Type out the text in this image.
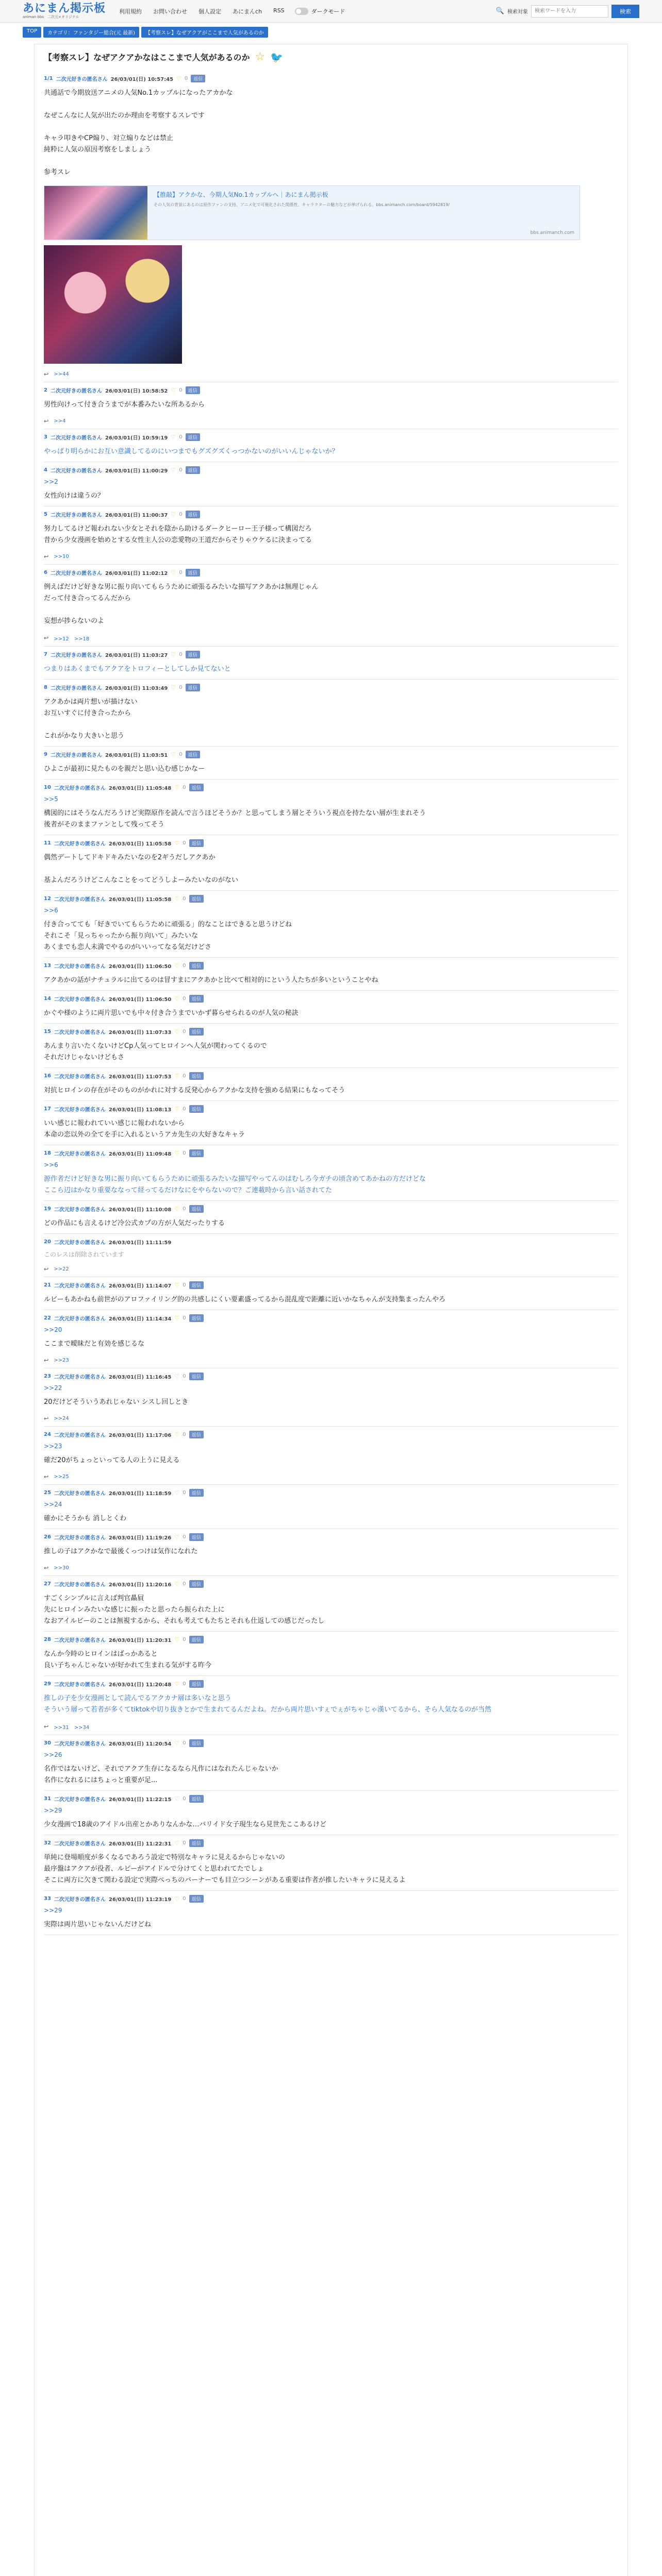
あにまん掲示板
animan bbs　二次元×オリジナル
利用規約 お問い合わせ 個人設定 あにまんch RSS	ダークモード	🔍 検索対象
検索ワードを入力	検索
TOP	カテゴリ：ファンタジー総合(元 最新)	【考察スレ】なぜアクアがここまで人気があるのか
【考察スレ】なぜアクアかなはここまで人気があるのか ☆ 🐦
1/1 二次元好きの匿名さん 26/03/01(日) 10:57:45 ♡ 0	返信
共通話で今期放送アニメの人気No.1カップルになったアカかな

なぜこんなに人気が出たのか理由を考察するスレです

キャラ叩きやCP煽り、対立煽りなどは禁止
純粋に人気の原因考察をしましょう

参考スレ
【推敲】アクかな、今期人気No.1カップルへ｜あにまん掲示板
その人気の背景にあるのは原作ファンの支持、アニメ化で可視化された関係性、キャラクターの魅力などが挙げられる。bbs.animanch.com/board/5942819/
bbs.animanch.com
↩ >>44
2 二次元好きの匿名さん 26/03/01(日) 10:58:52 ♡ 0	返信
男性向けって付き合うまでが本番みたいな所あるから
↩ >>4
3 二次元好きの匿名さん 26/03/01(日) 10:59:19 ♡ 0	返信
やっぱり明らかにお互い意識してるのにいつまでもグズグズくっつかないのがいいんじゃないか？
4 二次元好きの匿名さん 26/03/01(日) 11:00:29 ♡ 0	返信
>>2
女性向けは違うの？
5 二次元好きの匿名さん 26/03/01(日) 11:00:37 ♡ 0	返信
努力してるけど報われない少女とそれを陰から助けるダークヒーロー王子様って構図だろ
昔から少女漫画を始めとする女性主人公の恋愛物の王道だからそりゃウケるに決まってる
↩ >>10
6 二次元好きの匿名さん 26/03/01(日) 11:02:12 ♡ 0	返信
例えばだけど好きな男に振り向いてもらうために頑張るみたいな描写アクあかは無理じゃん
だって付き合ってるんだから

妄想が捗らないのよ
↩ >>12　>>18
7 二次元好きの匿名さん 26/03/01(日) 11:03:27 ♡ 0	返信
つまりはあくまでもアクアをトロフィーとしてしか見てないと
8 二次元好きの匿名さん 26/03/01(日) 11:03:49 ♡ 0	返信
アクあかは両片想いが描けない
お互いすぐに付き合ったから

これがかなり大きいと思う
9 二次元好きの匿名さん 26/03/01(日) 11:03:51 ♡ 0	返信
ひよこが最初に見たものを親だと思い込む感じかなー
10 二次元好きの匿名さん 26/03/01(日) 11:05:48 ♡ 0	返信
>>5
構図的にはそうなんだろうけど実際原作を読んで言うほどそうか？と思ってしまう層とそういう視点を持たない層が生まれそう
後者がそのままファンとして残ってそう
11 二次元好きの匿名さん 26/03/01(日) 11:05:58 ♡ 0	返信
偶然デートしてドキドキみたいなのを2ギうだしアクあか

基よんだろうけどこんなことをってどうしよーみたいなのがない
12 二次元好きの匿名さん 26/03/01(日) 11:05:58 ♡ 0	返信
>>6
付き合ってても「好きでいてもらうために頑張る」的なことはできると思うけどね
それこそ「見っちゃったから振り向いて」みたいな
あくまでも恋人未満でやるのがいいってなる気だけどさ
13 二次元好きの匿名さん 26/03/01(日) 11:06:50 ♡ 0	返信
アクあかの話がナチュラルに出てるのは冒すまにアクあかと比べて相対的にという人たちが多いということやね
14 二次元好きの匿名さん 26/03/01(日) 11:06:50 ♡ 0	返信
かぐや様のように両片思いでも中々付き合うまでいかず暮らせられるのが人気の秘訣
15 二次元好きの匿名さん 26/03/01(日) 11:07:33 ♡ 0	返信
あんまり言いたくないけどCp人気ってヒロインへ人気が関わってくるので
それだけじゃないけどもさ
16 二次元好きの匿名さん 26/03/01(日) 11:07:53 ♡ 0	返信
対抗ヒロインの存在がそのものがかれに対する反発心からアクかな支持を強める結果にもなってそう
17 二次元好きの匿名さん 26/03/01(日) 11:08:13 ♡ 0	返信
いい感じに報われていい感じに報われないから
本命の恋以外の全てを手に入れるというアカ先生の大好きなキャラ
18 二次元好きの匿名さん 26/03/01(日) 11:09:48 ♡ 0	返信
>>6
源作者だけど好きな男に振り向いてもらうために頑張るみたいな描写やってんのはむしろ今ガチの頃含めてあかねの方だけどな
ここら辺はかなり重要ななって経ってるだけなにをやらないので？ご連載時から言い話されてた
19 二次元好きの匿名さん 26/03/01(日) 11:10:08 ♡ 0	返信
どの作品にも言えるけど冷公式カプの方が人気だったりする
20 二次元好きの匿名さん 26/03/01(日) 11:11:59
このレスは削除されています
↩ >>22
21 二次元好きの匿名さん 26/03/01(日) 11:14:07 ♡ 0	返信
ルビーもあかねも前世がのアロファイリング的の共感しにくい要素盛ってるから混乱度で距離に近いかなちゃんが支持集まったんやろ
22 二次元好きの匿名さん 26/03/01(日) 11:14:34 ♡ 0	返信
>>20
ここまで曖昧だと有効を感じるな
↩ >>23
23 二次元好きの匿名さん 26/03/01(日) 11:16:45 ♡ 0	返信
>>22
20だけどそういうあれじゃない シスし回しとき
↩ >>24
24 二次元好きの匿名さん 26/03/01(日) 11:17:06 ♡ 0	返信
>>23
確だ20がちょっといってる人の上うに見える
↩ >>25
25 二次元好きの匿名さん 26/03/01(日) 11:18:59 ♡ 0	返信
>>24
確かにそうかも 消しとくわ
26 二次元好きの匿名さん 26/03/01(日) 11:19:26 ♡ 0	返信
推しの子はアクかなで最後くっつけは気作になれた
↩ >>30
27 二次元好きの匿名さん 26/03/01(日) 11:20:16 ♡ 0	返信
すごくシンプルに言えば判官贔屓
先にヒロインみたいな感じに振ったと思ったら振られた上に
なおアイルビーのことは無視するから、それも考えてもたちとそれも仕返しての感じだったし
28 二次元好きの匿名さん 26/03/01(日) 11:20:31 ♡ 0	返信
なんか今時のヒロインはばっかあると
良い子ちゃんじゃないが好かれて生まれる気がする昨今
29 二次元好きの匿名さん 26/03/01(日) 11:20:48 ♡ 0	返信
推しの子を少女漫画として読んでるアクカナ層は多いなと思う
そういう層って若者が多くてtiktokや切り抜きとかで生まれてるんだよね。だから両片思いすぇでぇがちゃじゃ漢いてるから、そら人気なるのが当然
↩ >>31　>>34
30 二次元好きの匿名さん 26/03/01(日) 11:20:54 ♡ 0	返信
>>26
名作ではないけど、それでアクア生存になるなら凡作にはなれたんじゃないか
名作になれるにはちょっと重要が足...
31 二次元好きの匿名さん 26/03/01(日) 11:22:15 ♡ 0	返信
>>29
少女漫画で18歳のアイドル出産とかありなんかな…バリイド女子現生なら見世先ここあるけど
32 二次元好きの匿名さん 26/03/01(日) 11:22:31 ♡ 0	返信
単純に登場順度が多くなるであろう設定で特別なキャラに見えるからじゃないの
最序盤はアクアが役者、ルビーがアイドルで分けてくと思われてたでしょ
そこに両方に欠きて関わる設定で実際ぺっちのバーナーでも目立つシーンがある重要は作者が推したいキャラに見えるよ
33 二次元好きの匿名さん 26/03/01(日) 11:23:19 ♡ 0	返信
>>29
実際は両片思いじゃないんだけどね
